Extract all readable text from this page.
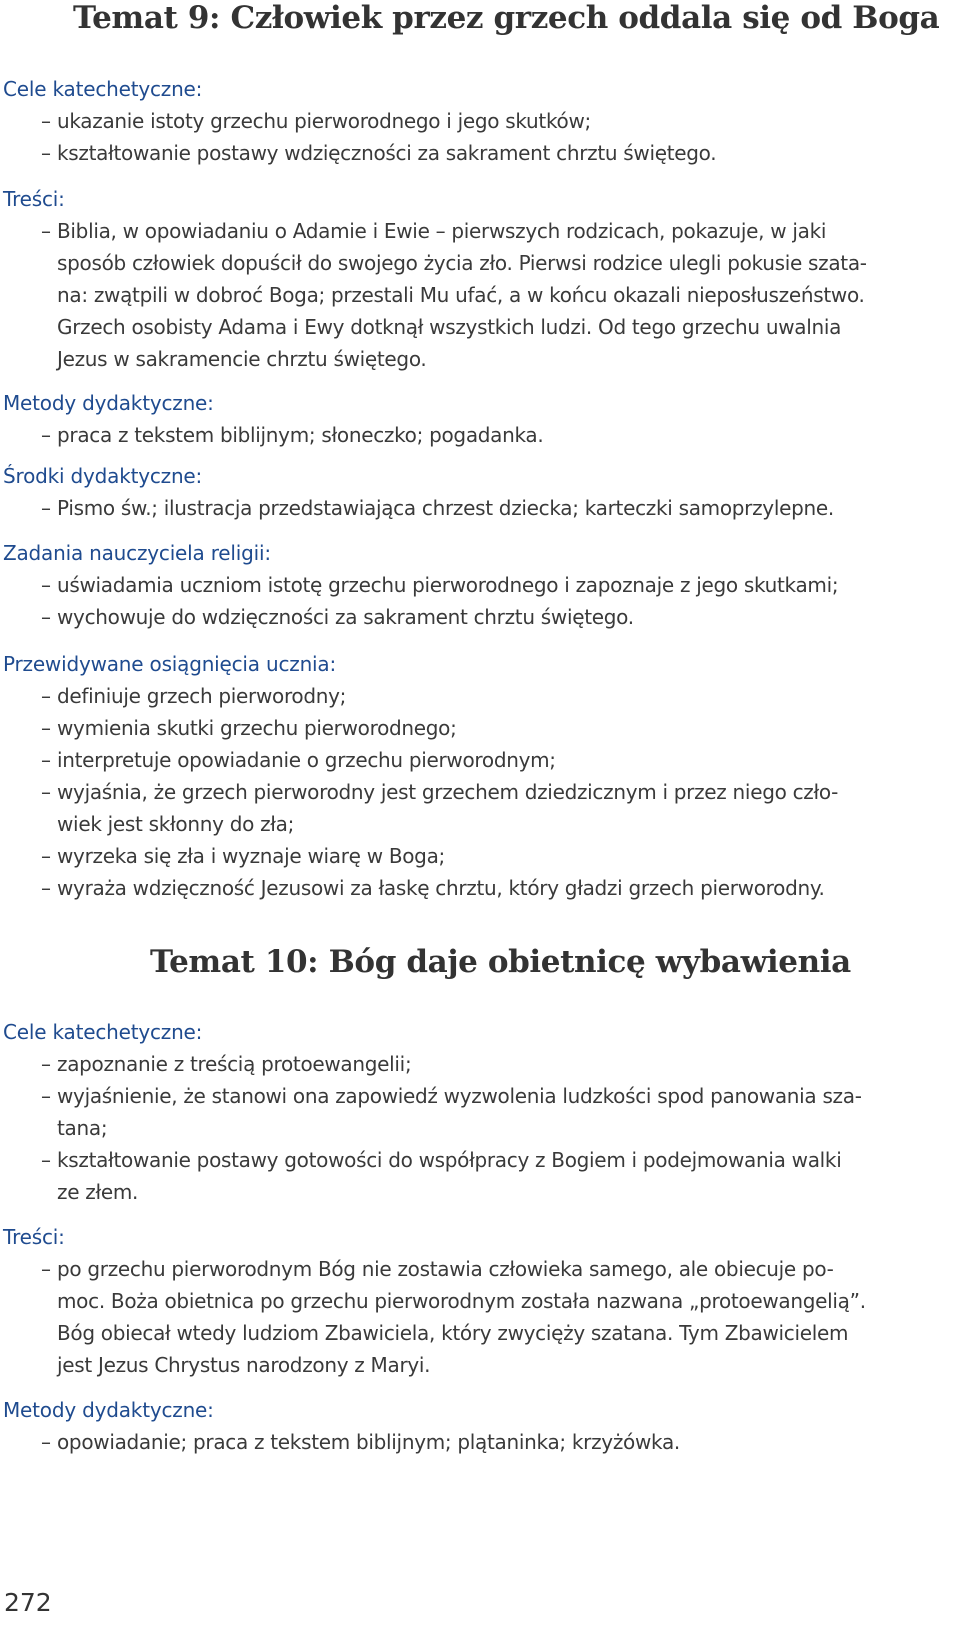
Temat 9: Człowiek przez grzech oddala się od Boga
Cele katechetyczne:
– ukazanie istoty grzechu pierworodnego i jego skutków;
– kształtowanie postawy wdzięczności za sakrament chrztu świętego.
Treści:
– Biblia, w opowiadaniu o Adamie i Ewie – pierwszych rodzicach, pokazuje, w jaki
sposób człowiek dopuścił do swojego życia zło. Pierwsi rodzice ulegli pokusie szata-
na: zwątpili w dobroć Boga; przestali Mu ufać, a w końcu okazali nieposłuszeństwo.
Grzech osobisty Adama i Ewy dotknął wszystkich ludzi. Od tego grzechu uwalnia
Jezus w sakramencie chrztu świętego.
Metody dydaktyczne:
– praca z tekstem biblijnym; słoneczko; pogadanka.
Środki dydaktyczne:
– Pismo św.; ilustracja przedstawiająca chrzest dziecka; karteczki samoprzylepne.
Zadania nauczyciela religii:
– uświadamia uczniom istotę grzechu pierworodnego i zapoznaje z jego skutkami;
– wychowuje do wdzięczności za sakrament chrztu świętego.
Przewidywane osiągnięcia ucznia:
– definiuje grzech pierworodny;
– wymienia skutki grzechu pierworodnego;
– interpretuje opowiadanie o grzechu pierworodnym;
– wyjaśnia, że grzech pierworodny jest grzechem dziedzicznym i przez niego czło-
wiek jest skłonny do zła;
– wyrzeka się zła i wyznaje wiarę w Boga;
– wyraża wdzięczność Jezusowi za łaskę chrztu, który gładzi grzech pierworodny.
Temat 10: Bóg daje obietnicę wybawienia
Cele katechetyczne:
– zapoznanie z treścią protoewangelii;
– wyjaśnienie, że stanowi ona zapowiedź wyzwolenia ludzkości spod panowania sza-
tana;
– kształtowanie postawy gotowości do współpracy z Bogiem i podejmowania walki
ze złem.
Treści:
– po grzechu pierworodnym Bóg nie zostawia człowieka samego, ale obiecuje po-
moc. Boża obietnica po grzechu pierworodnym została nazwana „protoewangelią”.
Bóg obiecał wtedy ludziom Zbawiciela, który zwycięży szatana. Tym Zbawicielem
jest Jezus Chrystus narodzony z Maryi.
Metody dydaktyczne:
– opowiadanie; praca z tekstem biblijnym; plątaninka; krzyżówka.

272
